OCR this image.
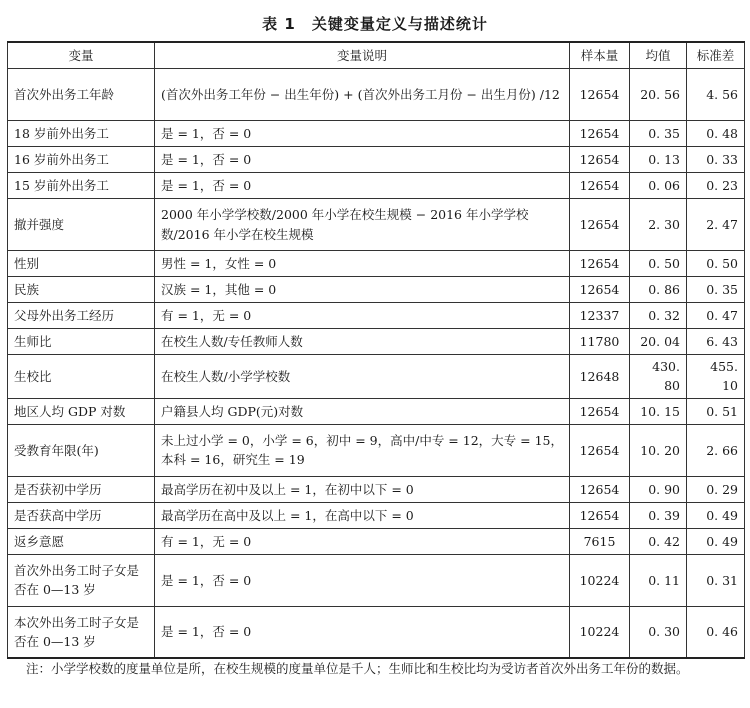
表 1　关键变量定义与描述统计
变量	变量说明	样本量	均值	标准差
首次外出务工年龄	(首次外出务工年份 − 出生年份) + (首次外出务工月份 − 出生月份) /12	12654	20. 56	4. 56
18 岁前外出务工	是 = 1，否 = 0	12654	0. 35	0. 48
16 岁前外出务工	是 = 1，否 = 0	12654	0. 13	0. 33
15 岁前外出务工	是 = 1，否 = 0	12654	0. 06	0. 23
撤并强度	2000 年小学学校数/2000 年小学在校生规模 − 2016 年小学学校数/2016 年小学在校生规模	12654	2. 30	2. 47
性别	男性 = 1，女性 = 0	12654	0. 50	0. 50
民族	汉族 = 1，其他 = 0	12654	0. 86	0. 35
父母外出务工经历	有 = 1，无 = 0	12337	0. 32	0. 47
生师比	在校生人数/专任教师人数	11780	20. 04	6. 43
生校比	在校生人数/小学学校数	12648	430. 80	455. 10
地区人均 GDP 对数	户籍县人均 GDP(元)对数	12654	10. 15	0. 51
受教育年限(年)	未上过小学 = 0，小学 = 6，初中 = 9，高中/中专 = 12，大专 = 15，本科 = 16，研究生 = 19	12654	10. 20	2. 66
是否获初中学历	最高学历在初中及以上 = 1，在初中以下 = 0	12654	0. 90	0. 29
是否获高中学历	最高学历在高中及以上 = 1，在高中以下 = 0	12654	0. 39	0. 49
返乡意愿	有 = 1，无 = 0	7615	0. 42	0. 49
首次外出务工时子女是否在 0—13 岁	是 = 1，否 = 0	10224	0. 11	0. 31
本次外出务工时子女是否在 0—13 岁	是 = 1，否 = 0	10224	0. 30	0. 46
注：小学学校数的度量单位是所，在校生规模的度量单位是千人；生师比和生校比均为受访者首次外出务工年份的数据。
